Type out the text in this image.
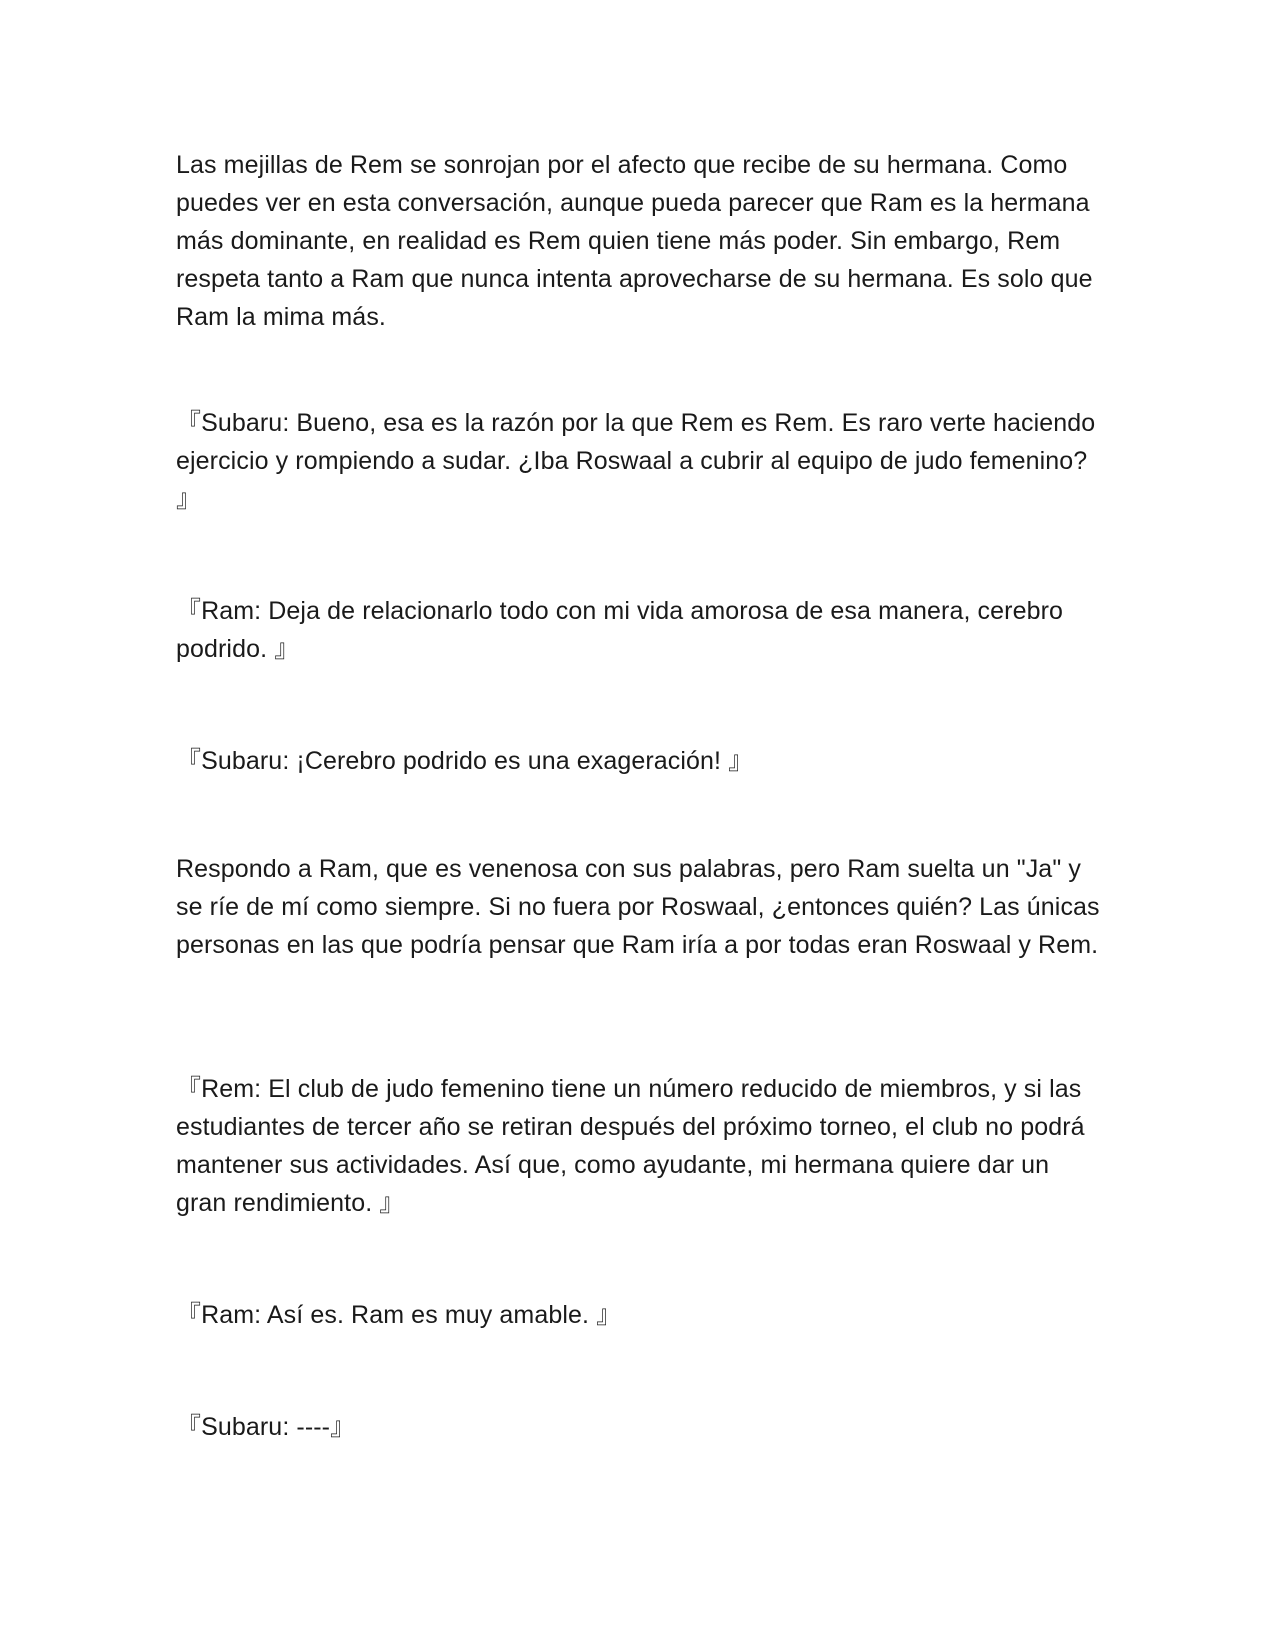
Las mejillas de Rem se sonrojan por el afecto que recibe de su hermana. Como puedes ver en esta conversación, aunque pueda parecer que Ram es la hermana más dominante, en realidad es Rem quien tiene más poder. Sin embargo, Rem respeta tanto a Ram que nunca intenta aprovecharse de su hermana. Es solo que Ram la mima más.

『Subaru: Bueno, esa es la razón por la que Rem es Rem. Es raro verte haciendo ejercicio y rompiendo a sudar. ¿Iba Roswaal a cubrir al equipo de judo femenino? 』

『Ram: Deja de relacionarlo todo con mi vida amorosa de esa manera, cerebro podrido. 』

『Subaru: ¡Cerebro podrido es una exageración! 』

Respondo a Ram, que es venenosa con sus palabras, pero Ram suelta un "Ja" y se ríe de mí como siempre. Si no fuera por Roswaal, ¿entonces quién? Las únicas personas en las que podría pensar que Ram iría a por todas eran Roswaal y Rem.

『Rem: El club de judo femenino tiene un número reducido de miembros, y si las estudiantes de tercer año se retiran después del próximo torneo, el club no podrá mantener sus actividades. Así que, como ayudante, mi hermana quiere dar un gran rendimiento. 』

『Ram: Así es. Ram es muy amable. 』

『Subaru: ----』
